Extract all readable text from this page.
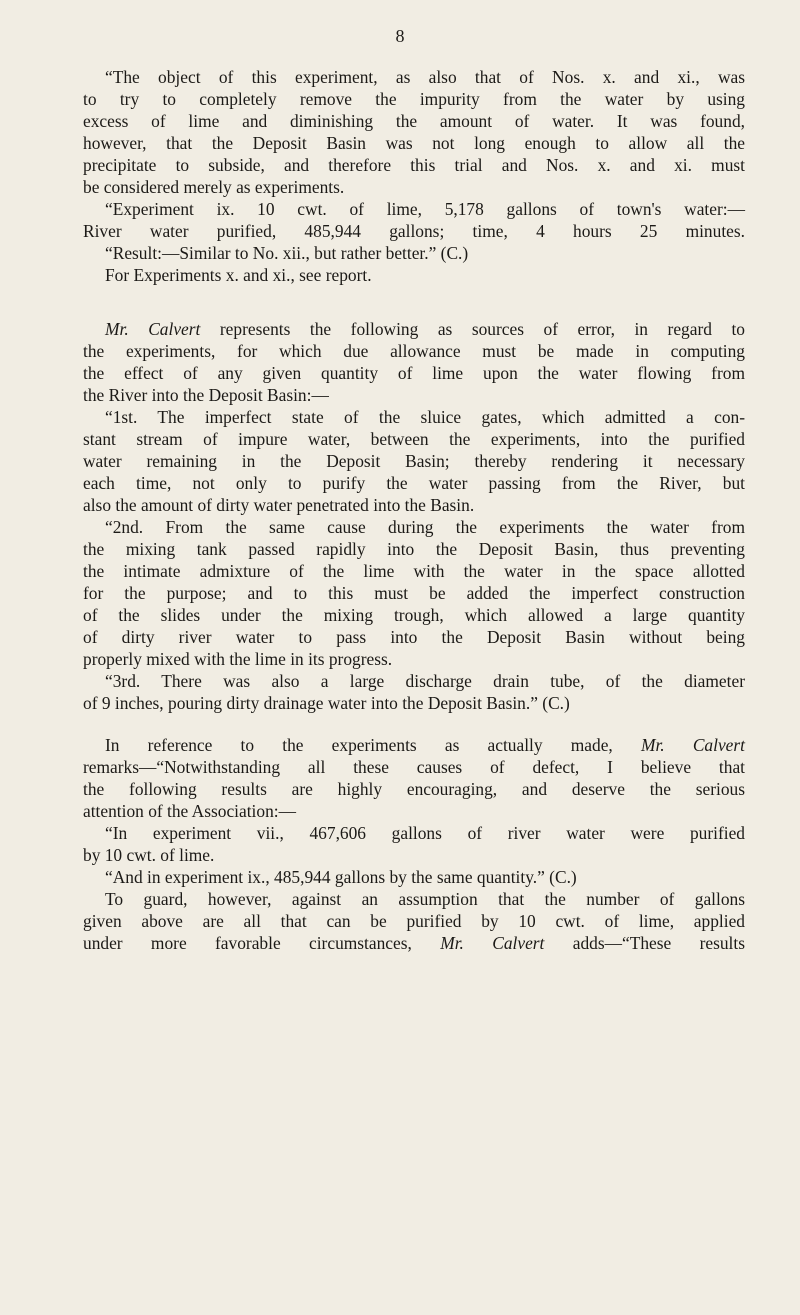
8
“The object of this experiment, as also that of Nos. x. and xi., was
to try to completely remove the impurity from the water by using
excess of lime and diminishing the amount of water. It was found,
however, that the Deposit Basin was not long enough to allow all the
precipitate to subside, and therefore this trial and Nos. x. and xi. must
be considered merely as experiments.
“Experiment ix. 10 cwt. of lime, 5,178 gallons of town's water:—
River water purified, 485,944 gallons; time, 4 hours 25 minutes.
“Result:—Similar to No. xii., but rather better.” (C.)
For Experiments x. and xi., see report.
Mr. Calvert represents the following as sources of error, in regard to
the experiments, for which due allowance must be made in computing
the effect of any given quantity of lime upon the water flowing from
the River into the Deposit Basin:—
“1st. The imperfect state of the sluice gates, which admitted a con-
stant stream of impure water, between the experiments, into the purified
water remaining in the Deposit Basin; thereby rendering it necessary
each time, not only to purify the water passing from the River, but
also the amount of dirty water penetrated into the Basin.
“2nd. From the same cause during the experiments the water from
the mixing tank passed rapidly into the Deposit Basin, thus preventing
the intimate admixture of the lime with the water in the space allotted
for the purpose; and to this must be added the imperfect construction
of the slides under the mixing trough, which allowed a large quantity
of dirty river water to pass into the Deposit Basin without being
properly mixed with the lime in its progress.
“3rd. There was also a large discharge drain tube, of the diameter
of 9 inches, pouring dirty drainage water into the Deposit Basin.” (C.)
In reference to the experiments as actually made, Mr. Calvert
remarks—“Notwithstanding all these causes of defect, I believe that
the following results are highly encouraging, and deserve the serious
attention of the Association:—
“In experiment vii., 467,606 gallons of river water were purified
by 10 cwt. of lime.
“And in experiment ix., 485,944 gallons by the same quantity.” (C.)
To guard, however, against an assumption that the number of gallons
given above are all that can be purified by 10 cwt. of lime, applied
under more favorable circumstances, Mr. Calvert adds—“These results
